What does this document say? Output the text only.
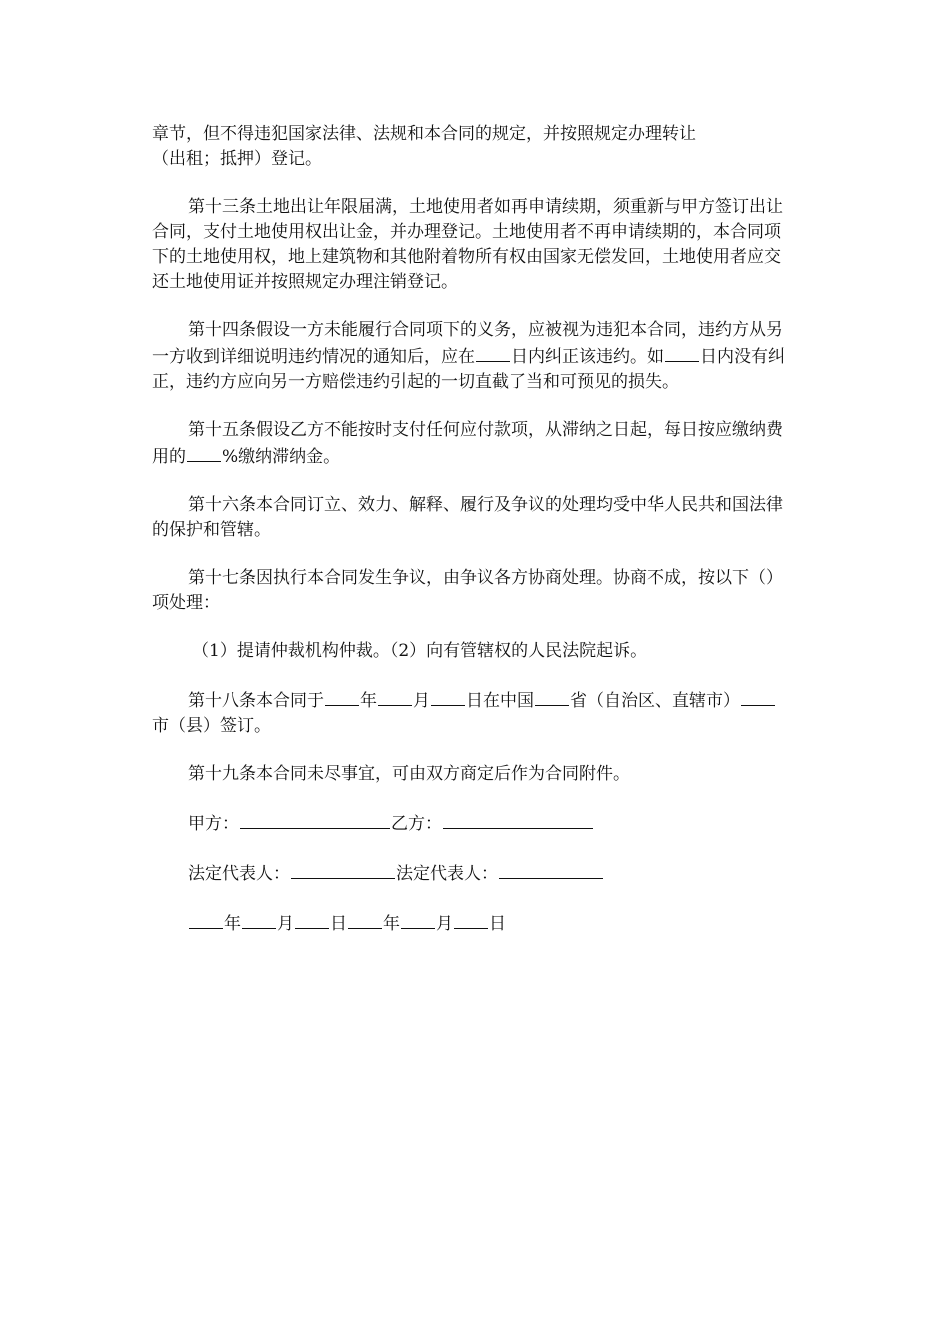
章节，但不得违犯国家法律、法规和本合同的规定，并按照规定办理转让
（出租；抵押）登记。

第十三条土地出让年限届满，土地使用者如再申请续期，须重新与甲方签订出让合同，支付土地使用权出让金，并办理登记。土地使用者不再申请续期的，本合同项下的土地使用权，地上建筑物和其他附着物所有权由国家无偿发回，土地使用者应交还土地使用证并按照规定办理注销登记。

第十四条假设一方未能履行合同项下的义务，应被视为违犯本合同，违约方从另一方收到详细说明违约情况的通知后，应在 日内纠正该违约。如 日内没有纠正，违约方应向另一方赔偿违约引起的一切直截了当和可预见的损失。

第十五条假设乙方不能按时支付任何应付款项，从滞纳之日起，每日按应缴纳费用的 %缴纳滞纳金。

第十六条本合同订立、效力、解释、履行及争议的处理均受中华人民共和国法律的保护和管辖。

第十七条因执行本合同发生争议，由争议各方协商处理。协商不成，按以下（）项处理：

（1）提请仲裁机构仲裁。（2）向有管辖权的人民法院起诉。

第十八条本合同于 年 月 日在中国 省（自治区、直辖市）市（县）签订。

第十九条本合同未尽事宜，可由双方商定后作为合同附件。

甲方：	乙方：

法定代表人：	法定代表人：

年 月 日 年 月 日
